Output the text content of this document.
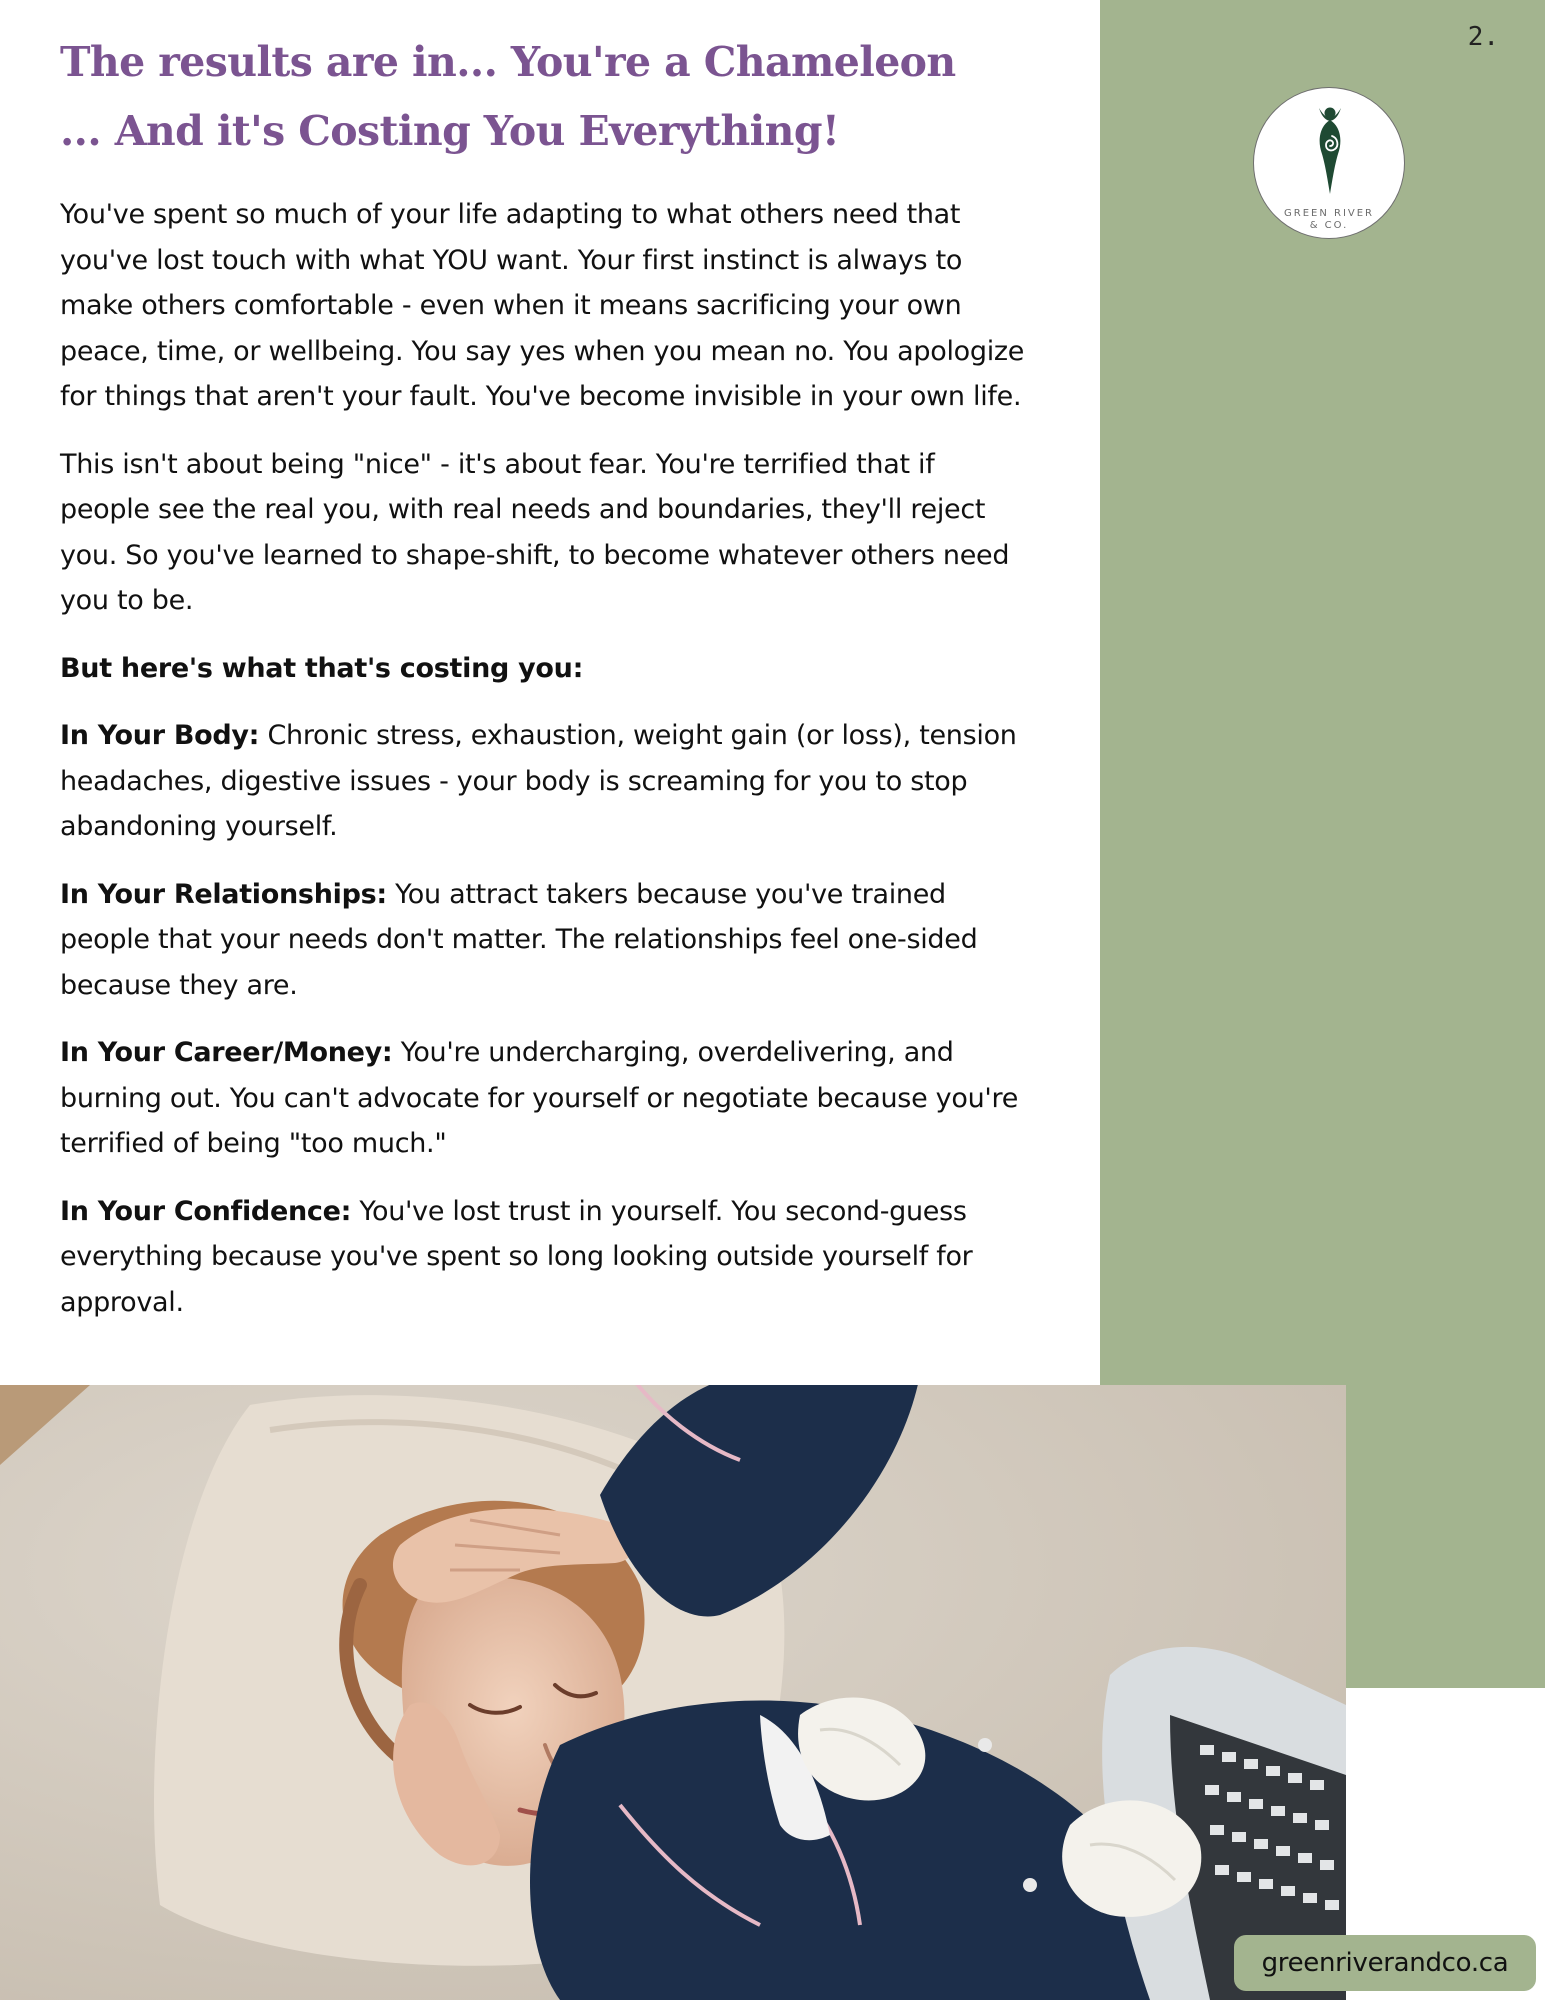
2.
GREEN RIVER
& CO.
The results are in... You're a Chameleon
... And it's Costing You Everything!

You've spent so much of your life adapting to what others need that you've lost touch with what YOU want. Your first instinct is always to make others comfortable - even when it means sacrificing your own peace, time, or wellbeing. You say yes when you mean no. You apologize for things that aren't your fault. You've become invisible in your own life.

This isn't about being "nice" - it's about fear. You're terrified that if people see the real you, with real needs and boundaries, they'll reject you. So you've learned to shape-shift, to become whatever others need you to be.

But here's what that's costing you:

In Your Body: Chronic stress, exhaustion, weight gain (or loss), tension headaches, digestive issues - your body is screaming for you to stop abandoning yourself.

In Your Relationships: You attract takers because you've trained people that your needs don't matter. The relationships feel one-sided because they are.

In Your Career/Money: You're undercharging, overdelivering, and burning out. You can't advocate for yourself or negotiate because you're terrified of being "too much."

In Your Confidence: You've lost trust in yourself. You second-guess everything because you've spent so long looking outside yourself for approval.

greenriverandco.ca
